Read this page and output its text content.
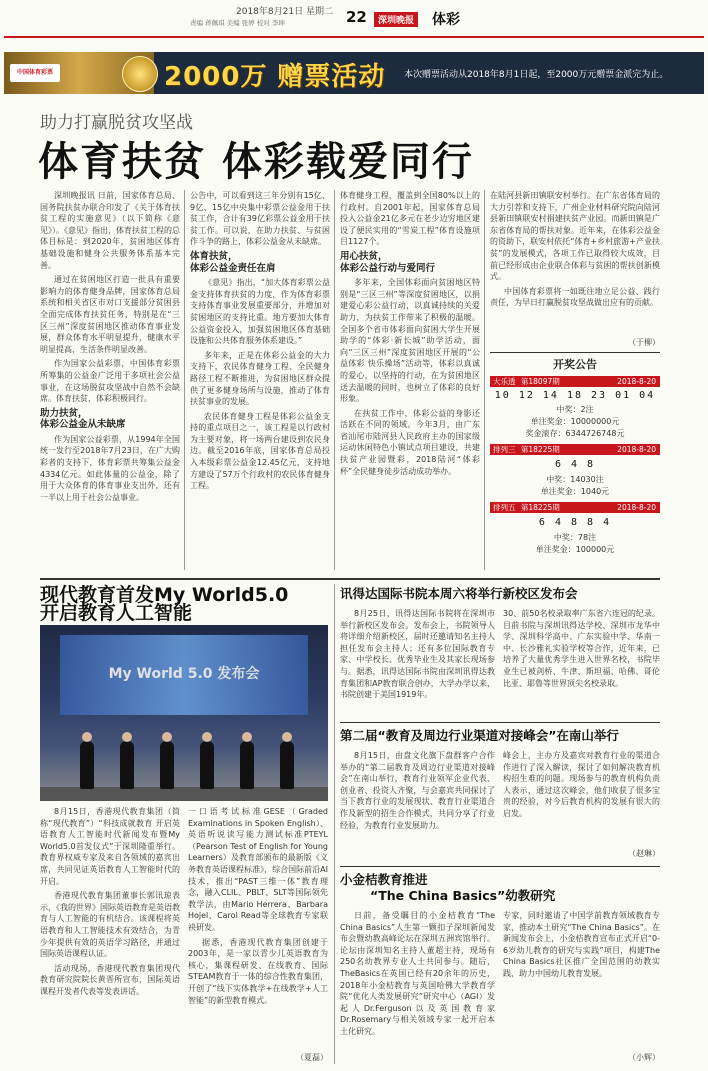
2018年8月21日 星期二
责编 蒋佩琪 美编 张婷 校对 李坤	22	深圳晚报 体彩
中国体育彩票	2000万 赠票活动 本次赠票活动从2018年8月1日起，至2000万元赠票金派完为止。
助力打赢脱贫攻坚战
体育扶贫 体彩载爱同行

深圳晚报讯 日前，国家体育总局、国务院扶贫办联合印发了《关于体育扶贫工程的实施意见》（以下简称《意见》）。《意见》指出，体育扶贫工程的总体目标是：到2020年，贫困地区体育基础设施和健身公共服务体系基本完善。

通过在贫困地区打造一批具有重要影响力的体育健身品牌，国家体育总局系统和相关省区市对口支援部分贫困县全面完成体育扶贫任务，特别是在“三区三州”深度贫困地区推动体育事业发展，群众体育水平明显提升，健康水平明显提高，生活条件明显改善。

作为国家公益彩票，中国体育彩票所筹集的公益金广泛用于多项社会公益事业，在这场脱贫攻坚战中自然不会缺席。体育扶贫，体彩积极同行。

助力扶贫，
体彩公益金从未缺席

作为国家公益彩票，从1994年全国统一发行至2018年7月23日，在广大购彩者的支持下，体育彩票共筹集公益金4334亿元。如此体量的公益金，除了用于大众体育的体育事业支出外，还有一半以上用于社会公益事业。

公告中，可以看到这三年分别有15亿、9亿、15亿中央集中彩票公益金用于扶贫工作，合计有39亿彩票公益金用于扶贫工作。可以说，在助力扶贫、与贫困作斗争的路上，体彩公益金从未缺席。

体育扶贫，
体彩公益金责任在肩

《意见》指出，“加大体育彩票公益金支持体育扶贫的力度，作为体育彩票支持体育事业发展重要部分，并增加对贫困地区的支持比重。地方要加大体育公益资金投入，加强贫困地区体育基础设施和公共体育服务体系建设。”

多年来，正是在体彩公益金的大力支持下，农民体育健身工程、全民健身路径工程不断推进，为贫困地区群众提供了更多健身场所与设施，推动了体育扶贫事业的发展。

农民体育健身工程是体彩公益金支持的重点项目之一，该工程是以行政村为主要对象，将一场两台建设到农民身边。截至2016年底，国家体育总局投入本级彩票公益金12.45亿元，支持地方建设了57万个行政村的农民体育健身工程。

体育健身工程，覆盖到全国80%以上的行政村。自2001年起，国家体育总局投入公益金21亿多元在老少边穷地区建设了便民实用的“雪炭工程”体育设施项目1127个。

用心扶贫，
体彩公益行动与爱同行

多年来，全国体彩面向贫困地区特别是“三区三州”等深度贫困地区，以捐建爱心彩公益行动，以真诚持续的关爱助力，为扶贫工作带来了积极的温暖。全国多个省市体彩面向贫困大学生开展助学的“体彩·新长城”助学活动，面向“三区三州”深度贫困地区开展的“公益体彩 快乐操场”活动等，体彩以真诚的爱心，以坚持的行动，在为贫困地区送去温暖的同时，也树立了体彩的良好形象。

在扶贫工作中，体彩公益的身影还活跃在不同的领域。今年3月，由广东省汕尾市陆河县人民政府主办的国家级运动休闲特色小镇试点项目建设，共建扶贫产业园暨彩，2018陆河“体彩杯”全民健身徒步活动成功举办。

在陆河县新田镇联安村举行。在广东省体育局的大力引荐和支持下，广州企业材料研究院向陆河县新田镇联安村捐建扶贫产业园。而新田镇是广东省体育局的帮扶对象。近年来，在体彩公益金的资助下，联安村依托“体育+乡村旅游+产业扶贫”的发展模式，各项工作已取得较大成效，目前已经形成由企业联合体彩与贫困的帮扶创新模式。

中国体育彩票将一如既往地立足公益、践行责任，为早日打赢脱贫攻坚战做出应有的贡献。

（于柳）
开奖公告
大乐透 第18097期	2018-8-20
10 12 14 18 23 01 04
中奖：2注
单注奖金：10000000元
奖金滚存：6344726748元
排列三 第18225期	2018-8-20
6 4 8
中奖：14030注
单注奖金：1040元
排列五 第18225期	2018-8-20
6 4 8 8 4
中奖：78注
单注奖金：100000元
现代教育首发My World5.0
开启教育人工智能
My World 5.0 发布会

8月15日，香港现代教育集团（简称“现代教育”）“科技成就教育 开启英语教育人工智能时代新闻发布暨My World5.0首发仪式”于深圳隆重举行。教育界权威专家及来自各领域的嘉宾出席，共同见证英语教育人工智能时代的开启。

香港现代教育集团董事长郭讯琼表示，《我的世界》国际英语教育是英语教育与人工智能的有机结合。该课程将英语教育和人工智能技术有效结合，为青少年提供有效的英语学习路径，并通过国际英语课程认证。

活动现场，香港现代教育集团现代教育研究院院长黄晋所宣布，国际英语课程开发者代表等发表讲话。

一口语考试标准GESE（Graded Examinations in Spoken English）、英语听说读写能力测试标准PTEYL（Pearson Test of English for Young Learners）及教育部颁布的最新版《义务教育英语课程标准》，综合国际前沿AI技术，推出“PAST三维一体”教育理念，融入CLIL、PBLT、SLT等国际领先教学法，由Mario Herrera、Barbara Hojel、Carol Read等全球教育专家联袂研发。

据悉，香港现代教育集团创建于2003年，是一家以青少儿英语教育为核心，集课程研发、在线教育、国际STEAM教育于一体的综合性教育集团，开创了“线下实体教学+在线教学+人工智能”的新型教育模式。

（夏磊）
讯得达国际书院本周六将举行新校区发布会
8月25日，讯得达国际书院将在深圳市举行新校区发布会。发布会上，书院领导人将详细介绍新校区，届时还邀请知名主持人担任发布会主持人；还有多位国际教育专家、中学校长、优秀毕业生及其家长现场参与。据悉，讯得达国际书院由深圳讯得达教育集团和AP教育联合创办，大学办学以来，书院创建于美国1919年。
30、前50名校录取率广东省六连冠的纪录。目前书院与深圳讯得达学校、深圳市龙华中学、深圳科学高中、广东实验中学、华南一中、长沙雅礼实验学校等合作，近年来，已培养了大量优秀学生进入世界名校，书院毕业生已被剑桥、牛津、斯坦福、哈佛、哥伦比亚、耶鲁等世界顶尖名校录取。
第二届“教育及周边行业渠道对接峰会”在南山举行
8月15日，由盘文化旗下盘群客户合作举办的“第二届教育及周边行业渠道对接峰会”在南山举行，教育行业领军企业代表、创业者、投资人齐聚，与会嘉宾共同探讨了当下教育行业的发展现状、教育行业渠道合作及新型的招生合作模式，共同分享了行业经验，为教育行业发展助力。
峰会上，主办方及嘉宾对教育行业的渠道合作进行了深入解读，探讨了如何解决教育机构招生难的问题。现场参与的教育机构负责人表示，通过这次峰会，他们收获了很多宝贵的经验，对今后教育机构的发展有很大的启发。
（赵琳）
小金桔教育推进
“The China Basics”幼教研究
日前，备受瞩目的小金桔教育“The China Basics”人生第一颗扣子深圳新闻发布会暨幼教高峰论坛在深圳五洲宾馆举行。论坛由深圳知名主持人董超主持，现场有250名幼教界专业人士共同参与。随后，TheBasics在英国已经有20余年的历史，2018年小金桔教育与英国哈佛大学教育学院“优化人类发展研究”研究中心（AGI）发起人Dr.Ferguson以及英国教育家Dr.Rosemary与相关领域专家一起开启本土化研究。
专家，同时邀请了中国学前教育领域教育专家，推动本土研究“The China Basics”。在新闻发布会上，小金桔教育宣布正式开启“0-6岁幼儿教育的研究与实践”项目，构建The China Basics社区推广全国范围的幼教实践，助力中国幼儿教育发展。
（小辉）
